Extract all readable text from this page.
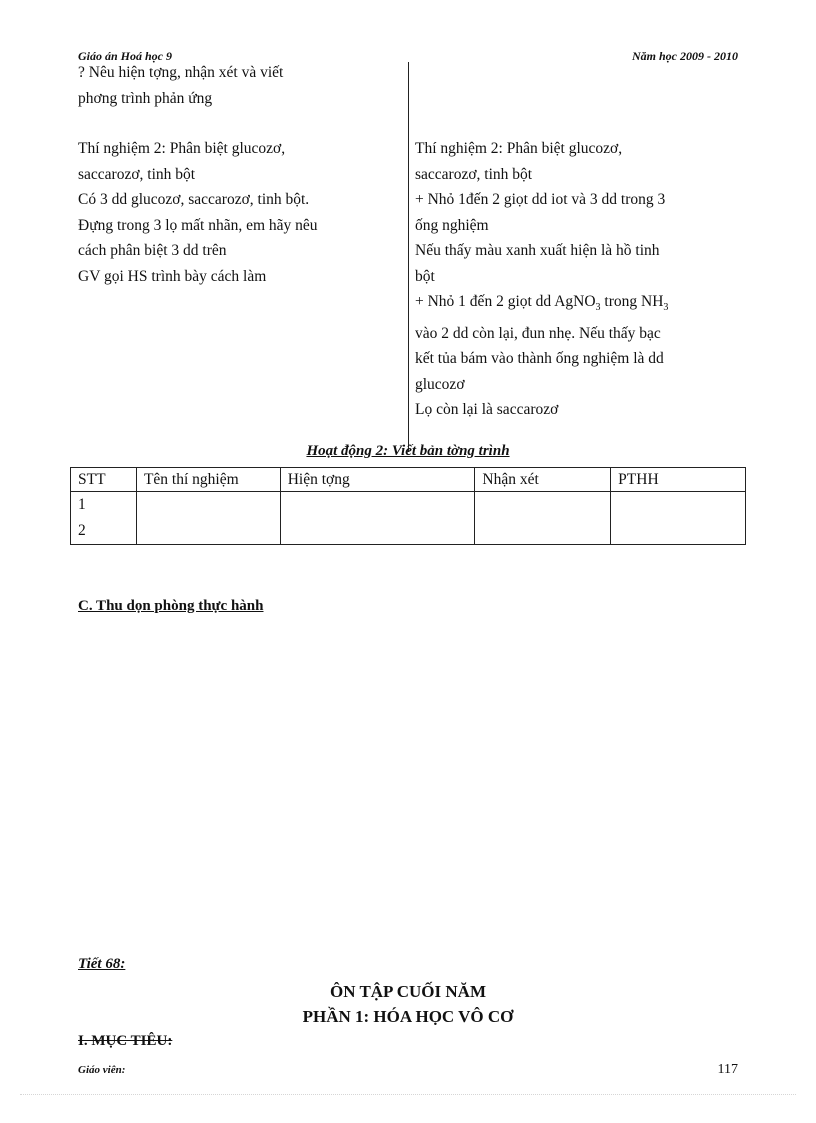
Giáo án Hoá học 9	Năm học 2009 - 2010

? Nêu hiện tợng, nhận xét và viết

phơng trình phản ứng

Thí nghiệm 2: Phân biệt glucozơ,

saccarozơ, tinh bột

Có 3 dd glucozơ, saccarozơ, tinh bột.

Đựng trong 3 lọ mất nhãn, em hãy nêu

cách phân biệt 3 dd trên

GV gọi HS trình bày cách làm

Thí nghiệm 2: Phân biệt glucozơ,

saccarozơ, tinh bột

+ Nhỏ 1đến 2 giọt dd iot và 3 dd trong 3

ống nghiệm

Nếu thấy màu xanh xuất hiện là hồ tinh

bột

+ Nhỏ 1 đến 2 giọt dd AgNO$_3$ trong $NH_3$

vào 2 dd còn lại, đun nhẹ. Nếu thấy bạc

kết tủa bám vào thành ống nghiệm là dd

glucozơ

Lọ còn lại là saccarozơ

Hoạt động 2: Viết bản tờng trình
STT	Tên thí nghiệm	Hiện tợng	Nhận xét	PTHH

1
2				

C. Thu dọn phòng thực hành
Tiết 68:
ÔN TẬP CUỐI NĂM
PHẦN 1: HÓA HỌC VÔ CƠ
I. MỤC TIÊU:
Giáo viên:	117
